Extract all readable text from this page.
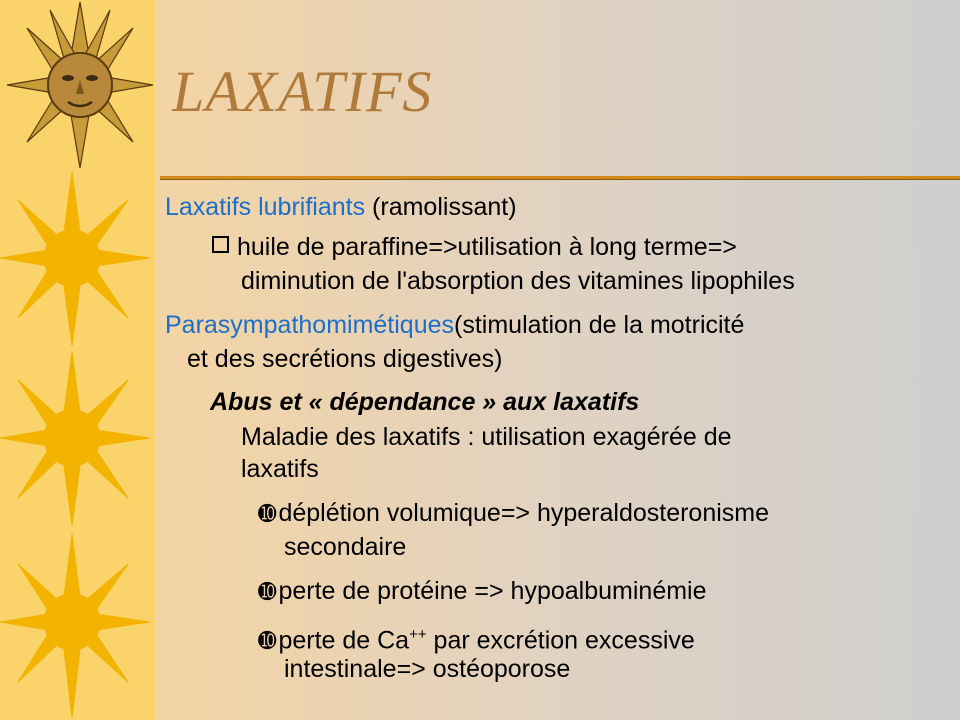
LAXATIFS
Laxatifs lubrifiants (ramolissant)
huile de paraffine=>utilisation à long terme=>
diminution de l'absorption des vitamines lipophiles
Parasympathomimétiques(stimulation de la motricité
et des secrétions digestives)
Abus et « dépendance » aux laxatifs
Maladie des laxatifs : utilisation exagérée de
laxatifs
➓déplétion volumique=> hyperaldosteronisme
secondaire
➓perte de protéine => hypoalbuminémie
➓perte de Ca++ par excrétion excessive
intestinale=> ostéoporose
